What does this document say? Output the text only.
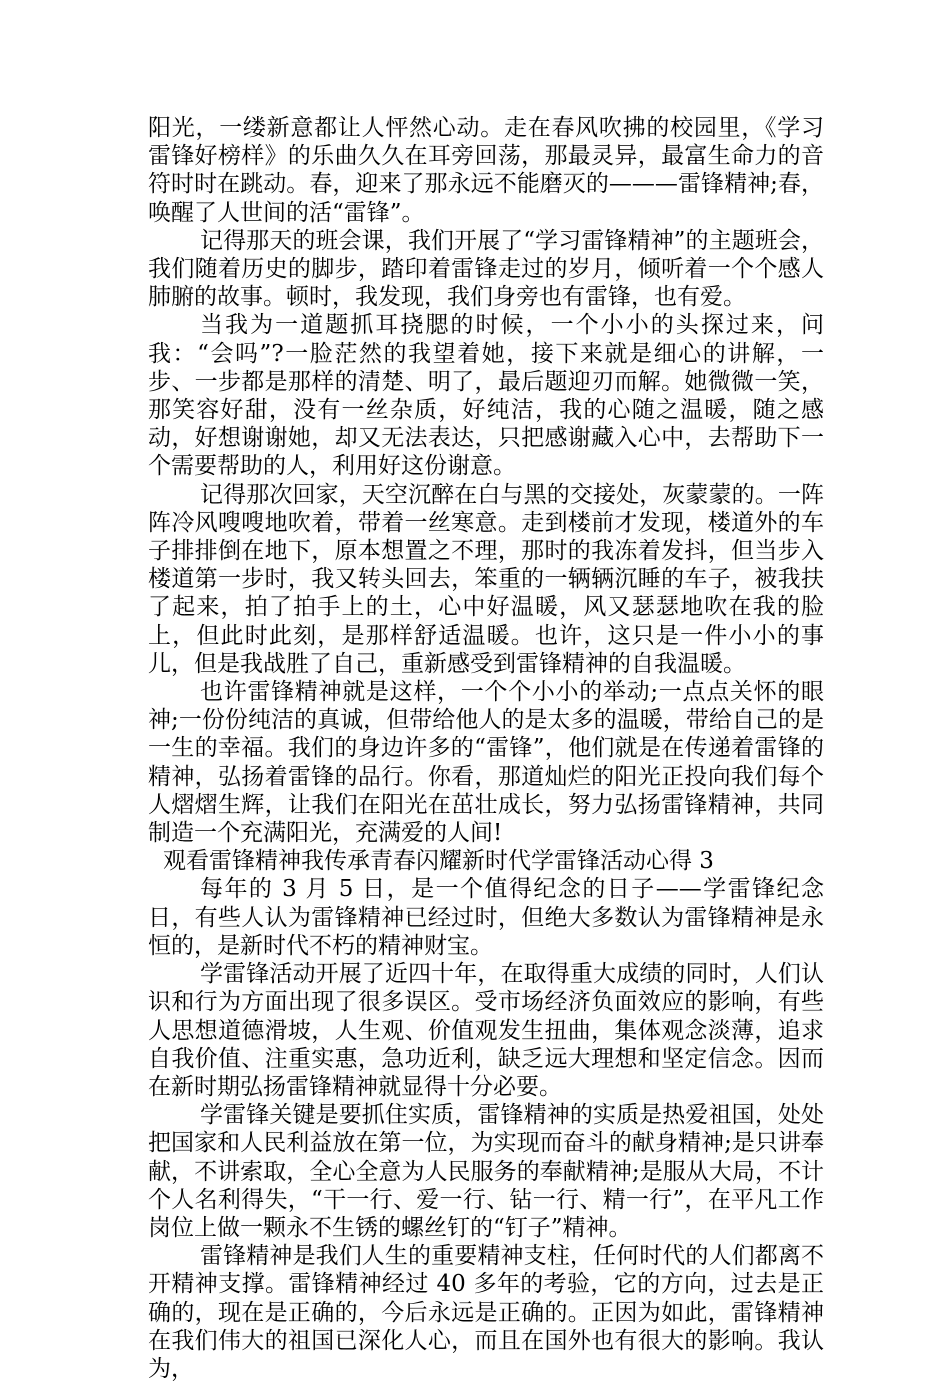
阳光，一缕新意都让人怦然心动。走在春风吹拂的校园里，《学习雷锋好榜样》的乐曲久久在耳旁回荡，那最灵异，最富生命力的音符时时在跳动。春，迎来了那永远不能磨灭的———雷锋精神;春，唤醒了人世间的活“雷锋”。

记得那天的班会课，我们开展了“学习雷锋精神”的主题班会，我们随着历史的脚步，踏印着雷锋走过的岁月，倾听着一个个感人肺腑的故事。顿时，我发现，我们身旁也有雷锋，也有爱。

当我为一道题抓耳挠腮的时候，一个小小的头探过来，问我：“会吗”?一脸茫然的我望着她，接下来就是细心的讲解，一步、一步都是那样的清楚、明了，最后题迎刃而解。她微微一笑，那笑容好甜，没有一丝杂质，好纯洁，我的心随之温暖，随之感动，好想谢谢她，却又无法表达，只把感谢藏入心中，去帮助下一个需要帮助的人，利用好这份谢意。

记得那次回家，天空沉醉在白与黑的交接处，灰蒙蒙的。一阵阵冷风嗖嗖地吹着，带着一丝寒意。走到楼前才发现，楼道外的车子排排倒在地下，原本想置之不理，那时的我冻着发抖，但当步入楼道第一步时，我又转头回去，笨重的一辆辆沉睡的车子，被我扶了起来，拍了拍手上的土，心中好温暖，风又瑟瑟地吹在我的脸上，但此时此刻，是那样舒适温暖。也许，这只是一件小小的事儿，但是我战胜了自己，重新感受到雷锋精神的自我温暖。

也许雷锋精神就是这样，一个个小小的举动;一点点关怀的眼神;一份份纯洁的真诚，但带给他人的是太多的温暖，带给自己的是一生的幸福。我们的身边许多的“雷锋”，他们就是在传递着雷锋的精神，弘扬着雷锋的品行。你看，那道灿烂的阳光正投向我们每个人熠熠生辉，让我们在阳光在茁壮成长，努力弘扬雷锋精神，共同制造一个充满阳光，充满爱的人间!

观看雷锋精神我传承青春闪耀新时代学雷锋活动心得 3

每年的 3 月 5 日，是一个值得纪念的日子——学雷锋纪念日，有些人认为雷锋精神已经过时，但绝大多数认为雷锋精神是永恒的，是新时代不朽的精神财宝。

学雷锋活动开展了近四十年，在取得重大成绩的同时，人们认识和行为方面出现了很多误区。受市场经济负面效应的影响，有些人思想道德滑坡，人生观、价值观发生扭曲，集体观念淡薄，追求自我价值、注重实惠，急功近利，缺乏远大理想和坚定信念。因而在新时期弘扬雷锋精神就显得十分必要。

学雷锋关键是要抓住实质，雷锋精神的实质是热爱祖国，处处把国家和人民利益放在第一位，为实现而奋斗的献身精神;是只讲奉献，不讲索取，全心全意为人民服务的奉献精神;是服从大局，不计个人名利得失，“干一行、爱一行、钻一行、精一行”，在平凡工作岗位上做一颗永不生锈的螺丝钉的“钉子”精神。

雷锋精神是我们人生的重要精神支柱，任何时代的人们都离不开精神支撑。雷锋精神经过 40 多年的考验，它的方向，过去是正确的，现在是正确的，今后永远是正确的。正因为如此，雷锋精神在我们伟大的祖国已深化人心，而且在国外也有很大的影响。我认为，
